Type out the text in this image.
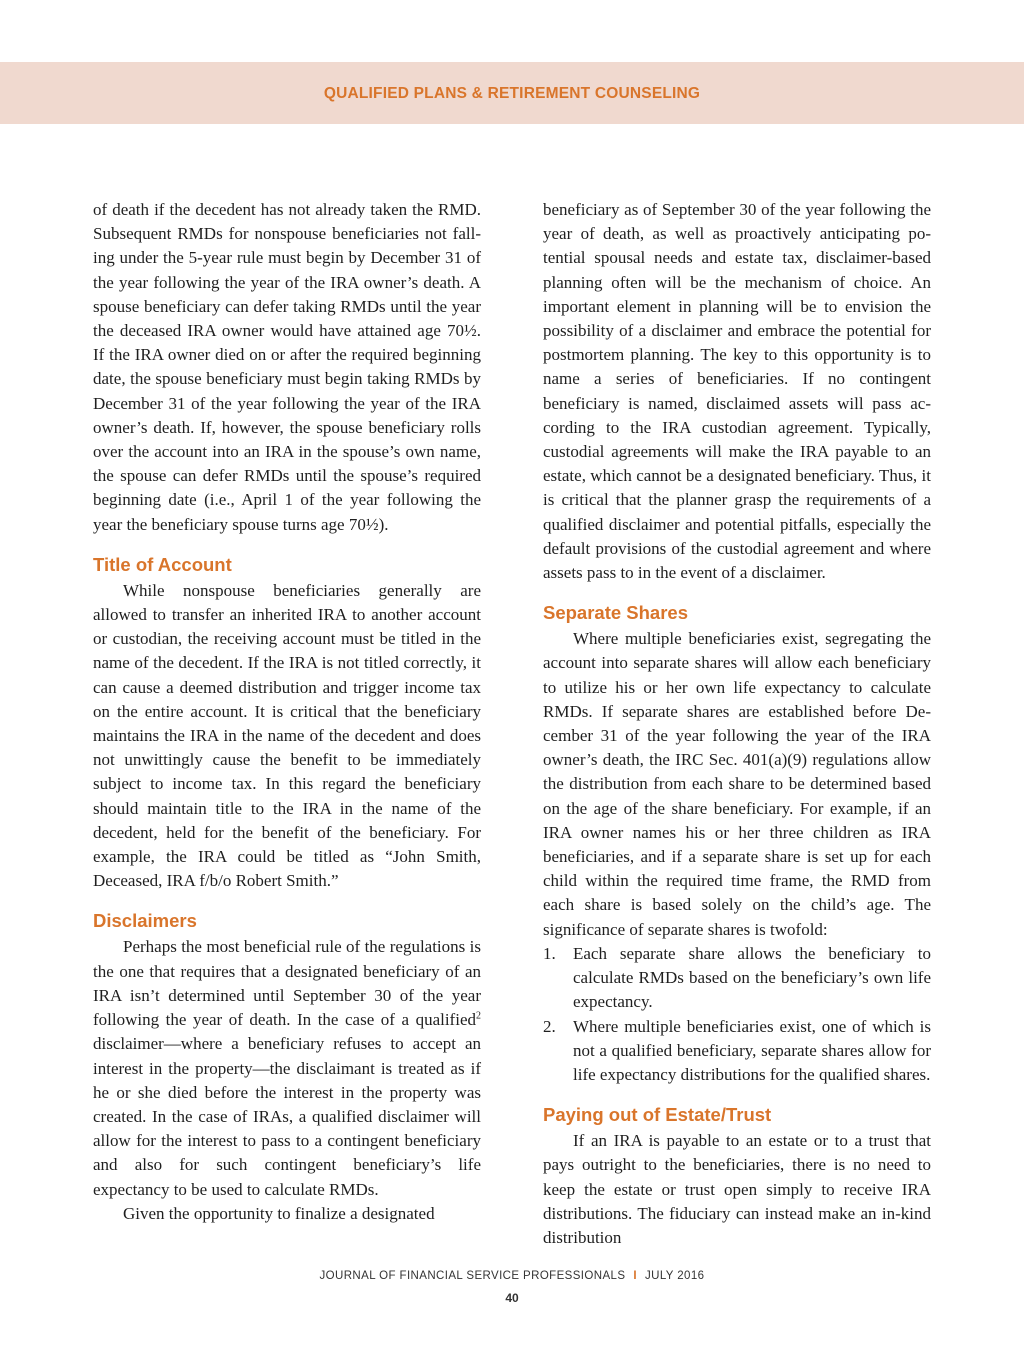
QUALIFIED PLANS & RETIREMENT COUNSELING

of death if the decedent has not already taken the RMD. Subsequent RMDs for nonspouse beneficiaries not falling under the 5-year rule must begin by December 31 of the year following the year of the IRA owner’s death. A spouse beneficiary can defer taking RMDs until the year the deceased IRA owner would have attained age 70½. If the IRA owner died on or after the required beginning date, the spouse beneficiary must begin taking RMDs by December 31 of the year following the year of the IRA owner’s death. If, however, the spouse beneficiary rolls over the account into an IRA in the spouse’s own name, the spouse can defer RMDs until the spouse’s required beginning date (i.e., April 1 of the year following the year the beneficiary spouse turns age 70½).

Title of Account

While nonspouse beneficiaries generally are allowed to transfer an inherited IRA to another account or custodian, the receiving account must be titled in the name of the decedent. If the IRA is not titled correctly, it can cause a deemed distribution and trigger income tax on the entire account. It is critical that the beneficiary maintains the IRA in the name of the decedent and does not unwittingly cause the benefit to be immediately subject to income tax. In this regard the beneficiary should maintain title to the IRA in the name of the decedent, held for the benefit of the beneficiary. For example, the IRA could be titled as “John Smith, Deceased, IRA f/b/o Robert Smith.”

Disclaimers

Perhaps the most beneficial rule of the regulations is the one that requires that a designated beneficiary of an IRA isn’t determined until September 30 of the year following the year of death. In the case of a qualified$^2$ disclaimer—where a beneficiary refuses to accept an interest in the property—the disclaimant is treated as if he or she died before the interest in the property was created. In the case of IRAs, a qualified disclaimer will allow for the interest to pass to a contingent beneficiary and also for such contingent beneficiary’s life expectancy to be used to calculate RMDs.

Given the opportunity to finalize a designated

beneficiary as of September 30 of the year following the year of death, as well as proactively anticipating potential spousal needs and estate tax, disclaimer-based planning often will be the mechanism of choice. An important element in planning will be to envision the possibility of a disclaimer and embrace the potential for postmortem planning. The key to this opportunity is to name a series of beneficiaries. If no contingent beneficiary is named, disclaimed assets will pass according to the IRA custodian agreement. Typically, custodial agreements will make the IRA payable to an estate, which cannot be a designated beneficiary. Thus, it is critical that the planner grasp the requirements of a qualified disclaimer and potential pitfalls, especially the default provisions of the custodial agreement and where assets pass to in the event of a disclaimer.

Separate Shares

Where multiple beneficiaries exist, segregating the account into separate shares will allow each beneficiary to utilize his or her own life expectancy to calculate RMDs. If separate shares are established before December 31 of the year following the year of the IRA owner’s death, the IRC Sec. 401(a)(9) regulations allow the distribution from each share to be determined based on the age of the share beneficiary. For example, if an IRA owner names his or her three children as IRA beneficiaries, and if a separate share is set up for each child within the required time frame, the RMD from each share is based solely on the child’s age. The significance of separate shares is twofold:

1. Each separate share allows the beneficiary to calculate RMDs based on the beneficiary’s own life expectancy.
2. Where multiple beneficiaries exist, one of which is not a qualified beneficiary, separate shares allow for life expectancy distributions for the qualified shares.
Paying out of Estate/Trust

If an IRA is payable to an estate or to a trust that pays outright to the beneficiaries, there is no need to keep the estate or trust open simply to receive IRA distributions. The fiduciary can instead make an in-kind distribution

JOURNAL OF FINANCIAL SERVICE PROFESSIONALS I JULY 2016
40
